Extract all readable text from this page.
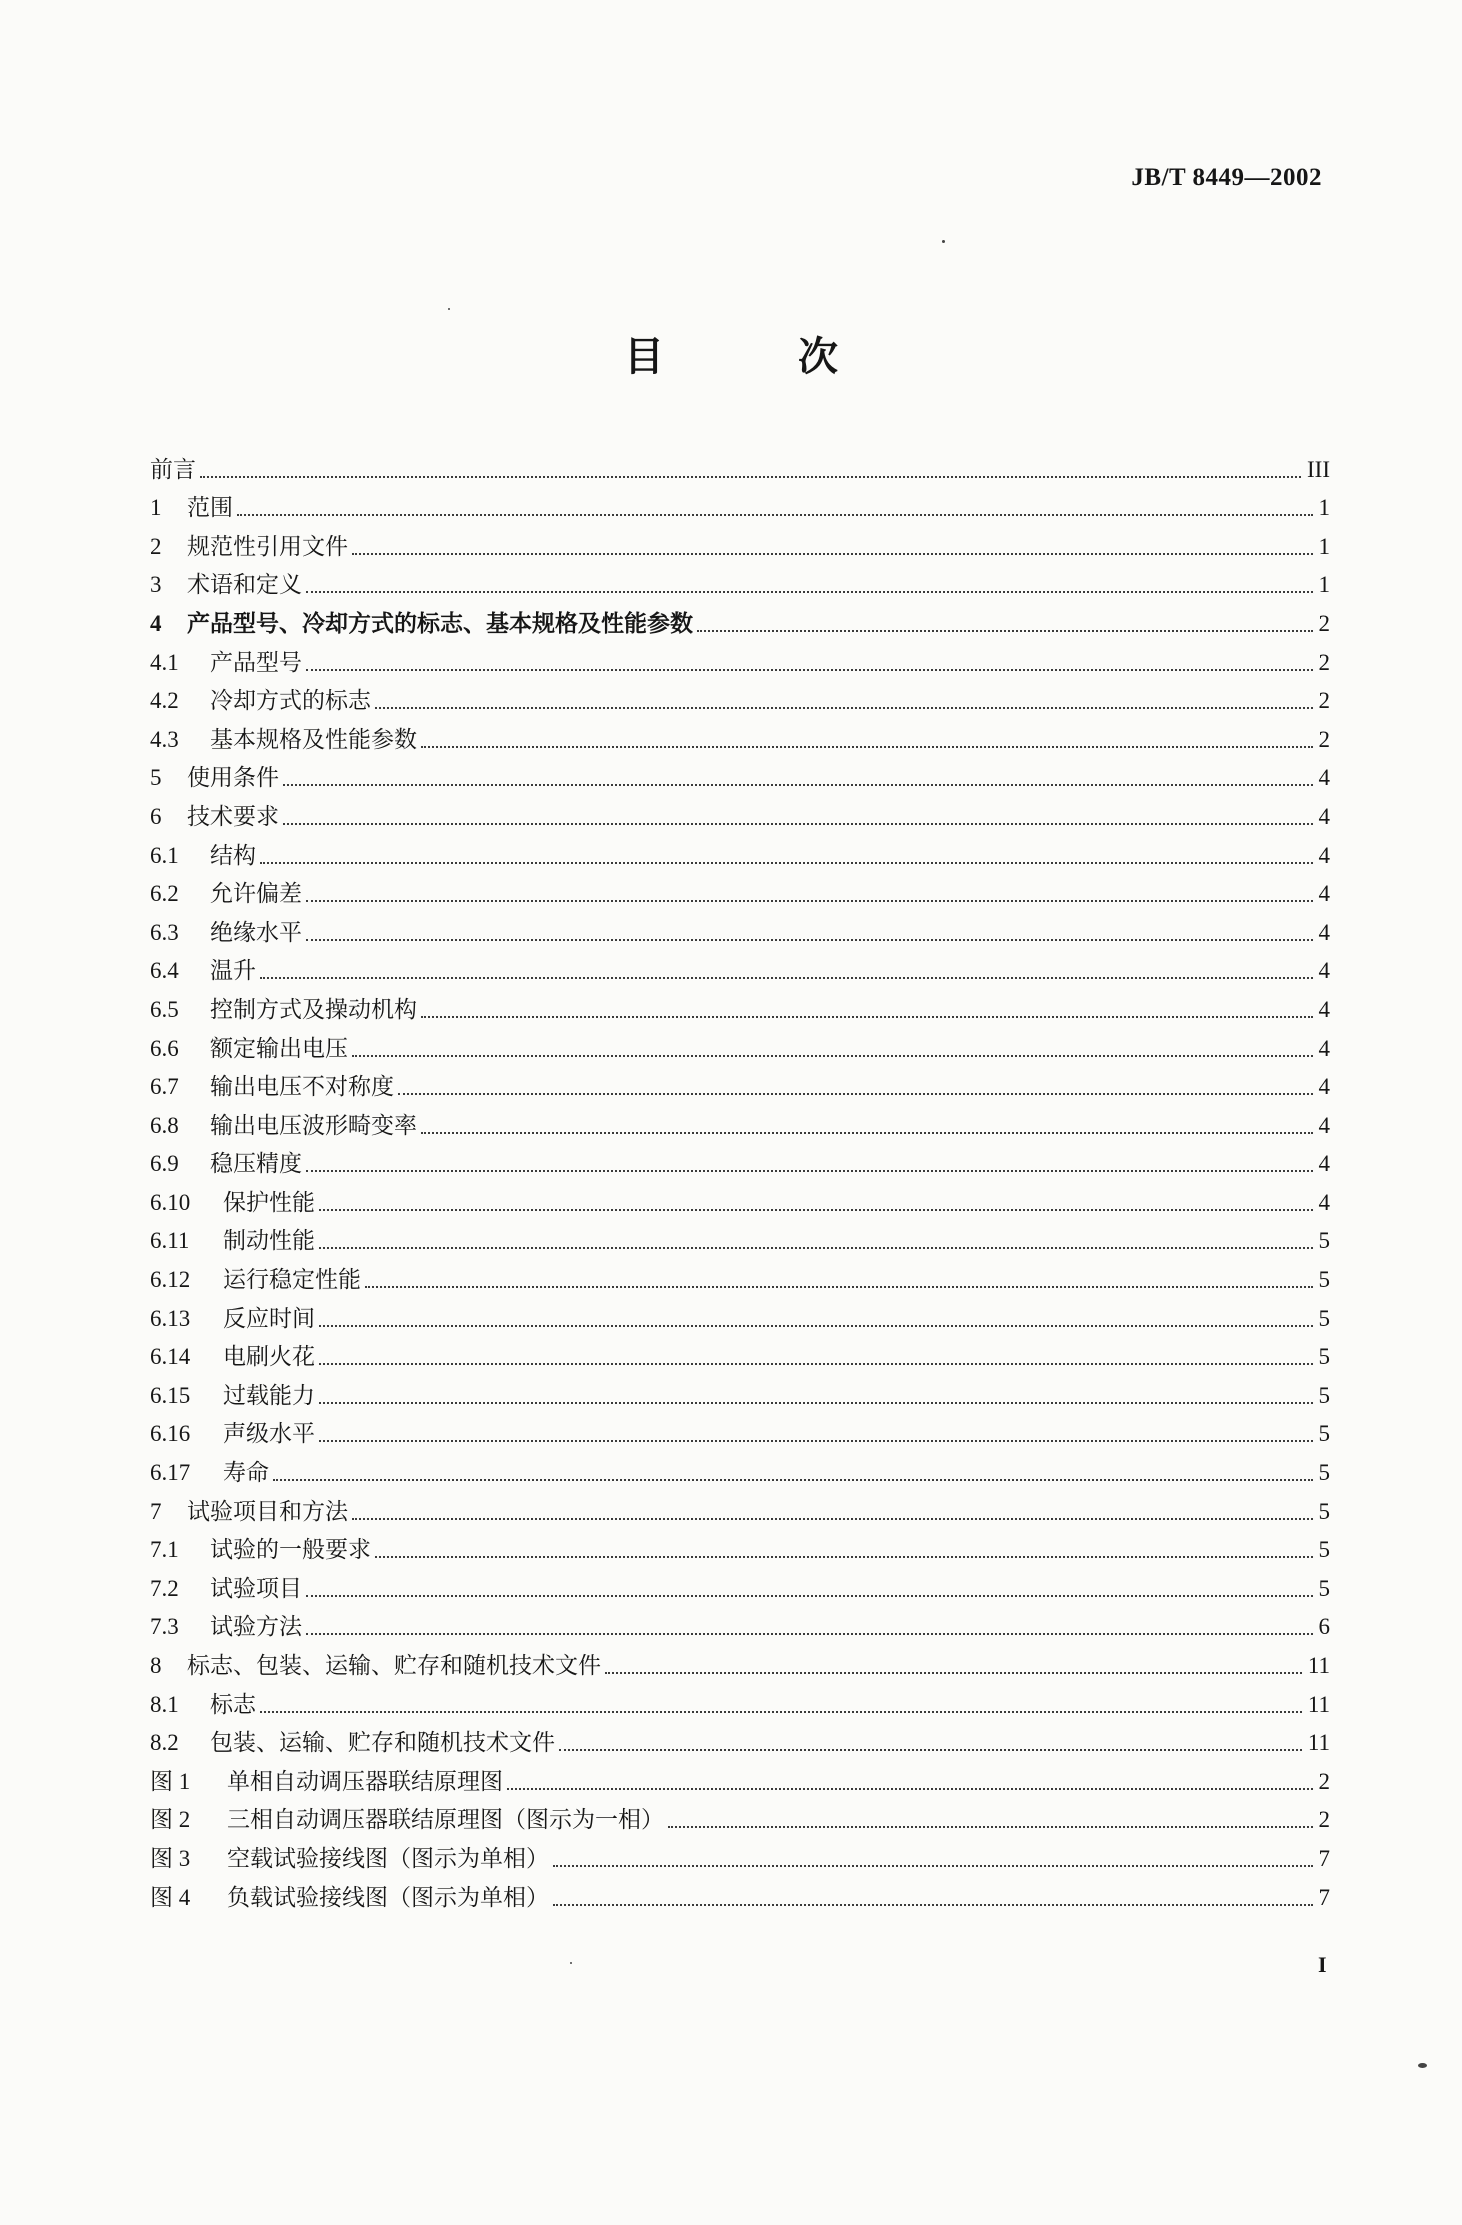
JB/T 8449—2002
目 次
前言	III
1	范围	1
2	规范性引用文件	1
3	术语和定义	1
4	产品型号、冷却方式的标志、基本规格及性能参数	2
4.1	产品型号	2
4.2	冷却方式的标志	2
4.3	基本规格及性能参数	2
5	使用条件	4
6	技术要求	4
6.1	结构	4
6.2	允许偏差	4
6.3	绝缘水平	4
6.4	温升	4
6.5	控制方式及操动机构	4
6.6	额定输出电压	4
6.7	输出电压不对称度	4
6.8	输出电压波形畸变率	4
6.9	稳压精度	4
6.10	保护性能	4
6.11	制动性能	5
6.12	运行稳定性能	5
6.13	反应时间	5
6.14	电刷火花	5
6.15	过载能力	5
6.16	声级水平	5
6.17	寿命	5
7	试验项目和方法	5
7.1	试验的一般要求	5
7.2	试验项目	5
7.3	试验方法	6
8	标志、包装、运输、贮存和随机技术文件	11
8.1	标志	11
8.2	包装、运输、贮存和随机技术文件	11
图 1	单相自动调压器联结原理图	2
图 2	三相自动调压器联结原理图（图示为一相）	2
图 3	空载试验接线图（图示为单相）	7
图 4	负载试验接线图（图示为单相）	7
I
